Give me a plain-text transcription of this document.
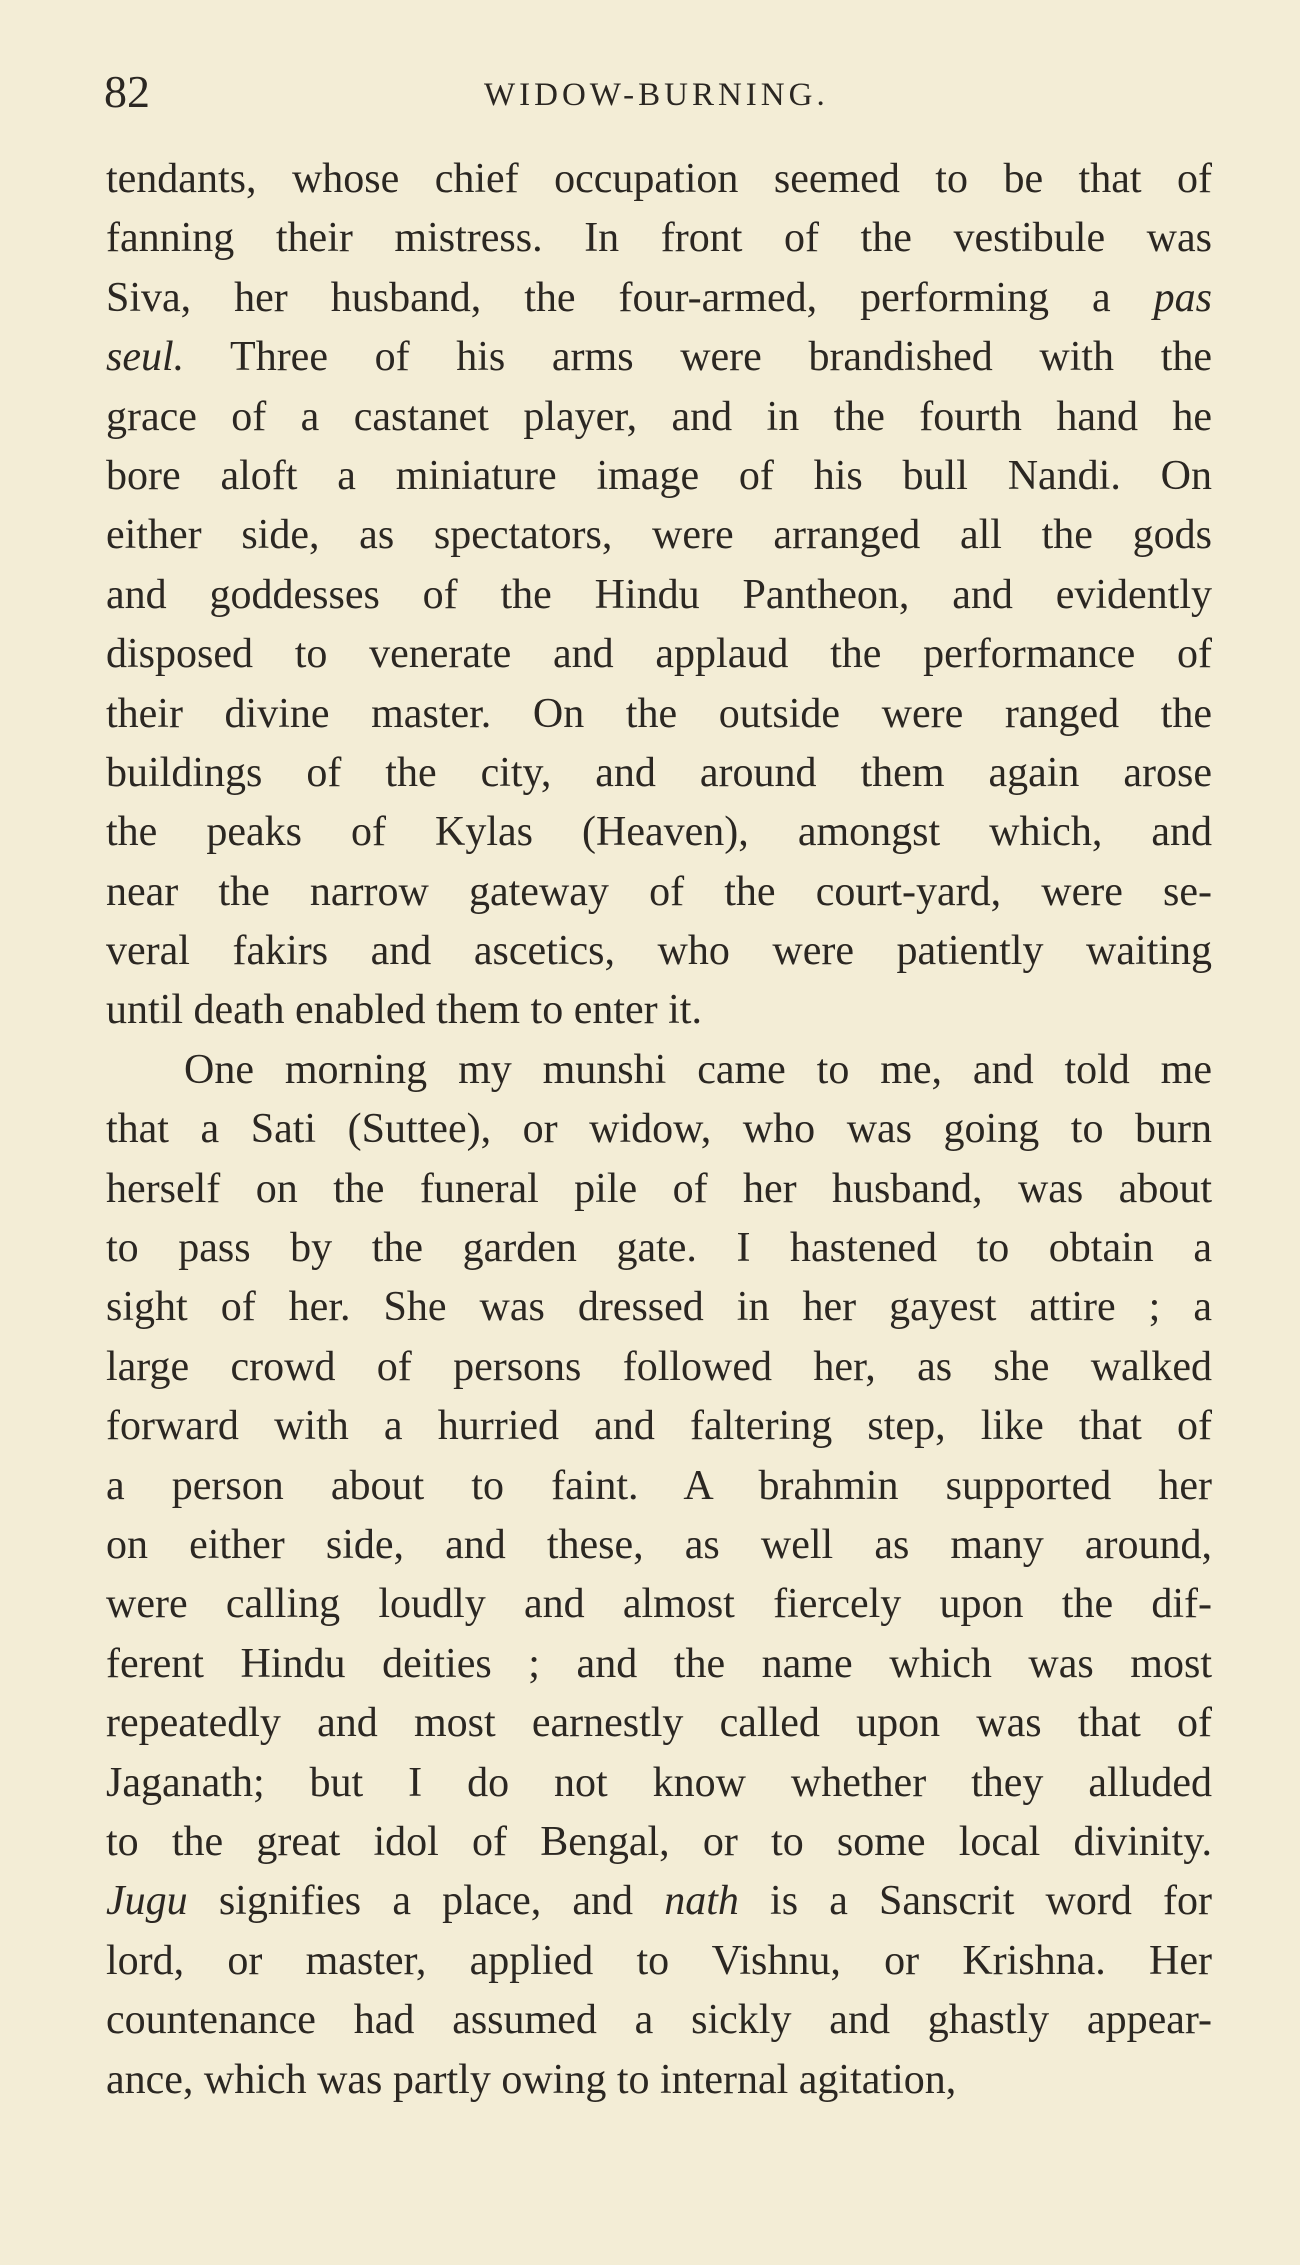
82	WIDOW-BURNING.
tendants, whose chief occupation seemed to be that of
fanning their mistress. In front of the vestibule was
Siva, her husband, the four-armed, performing a pas
seul. Three of his arms were brandished with the
grace of a castanet player, and in the fourth hand he
bore aloft a miniature image of his bull Nandi. On
either side, as spectators, were arranged all the gods
and goddesses of the Hindu Pantheon, and evidently
disposed to venerate and applaud the performance of
their divine master. On the outside were ranged the
buildings of the city, and around them again arose
the peaks of Kylas (Heaven), amongst which, and
near the narrow gateway of the court-yard, were se-
veral fakirs and ascetics, who were patiently waiting
until death enabled them to enter it.
One morning my munshi came to me, and told me
that a Sati (Suttee), or widow, who was going to burn
herself on the funeral pile of her husband, was about
to pass by the garden gate. I hastened to obtain a
sight of her. She was dressed in her gayest attire ; a
large crowd of persons followed her, as she walked
forward with a hurried and faltering step, like that of
a person about to faint. A brahmin supported her
on either side, and these, as well as many around,
were calling loudly and almost fiercely upon the dif-
ferent Hindu deities ; and the name which was most
repeatedly and most earnestly called upon was that of
Jaganath; but I do not know whether they alluded
to the great idol of Bengal, or to some local divinity.
Jugu signifies a place, and nath is a Sanscrit word for
lord, or master, applied to Vishnu, or Krishna. Her
countenance had assumed a sickly and ghastly appear-
ance, which was partly owing to internal agitation,
